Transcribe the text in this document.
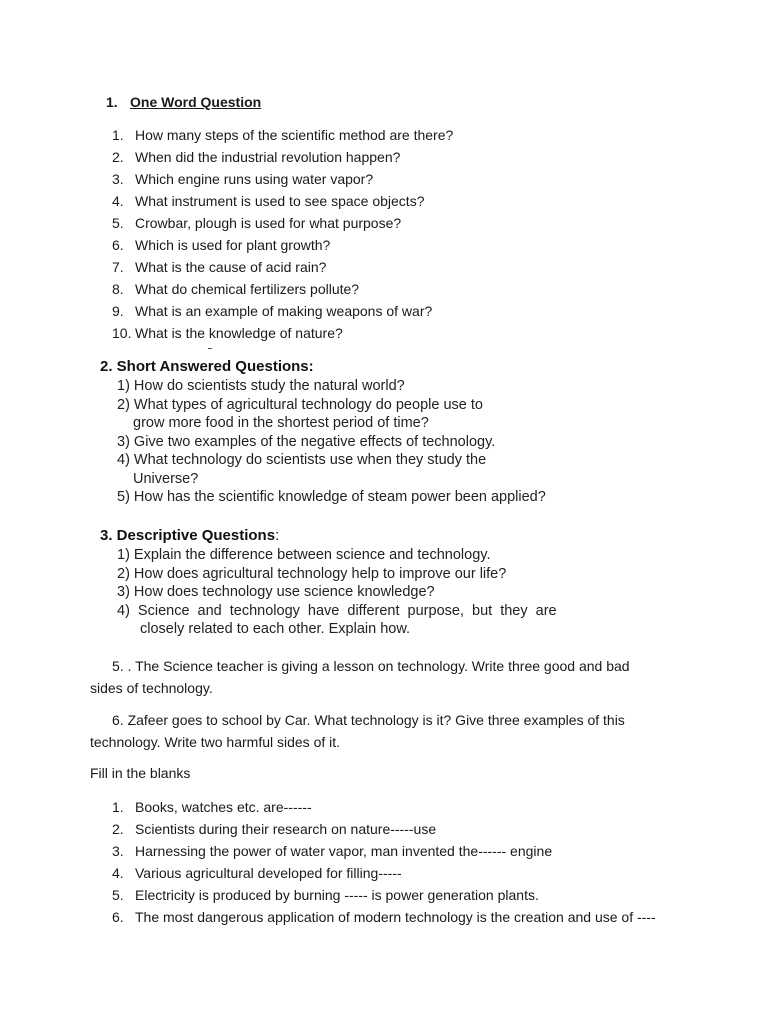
1. One Word Question
1. How many steps of the scientific method are there?
2. When did the industrial revolution happen?
3. Which engine runs using water vapor?
4. What instrument is used to see space objects?
5. Crowbar, plough is used for what purpose?
6. Which is used for plant growth?
7. What is the cause of acid rain?
8. What do chemical fertilizers pollute?
9. What is an example of making weapons of war?
10. What is the knowledge of nature?
2. Short Answered Questions:
1) How do scientists study the natural world?
2) What types of agricultural technology do people use to
grow more food in the shortest period of time?
3) Give two examples of the negative effects of technology.
4) What technology do scientists use when they study the
Universe?
5) How has the scientific knowledge of steam power been applied?
3. Descriptive Questions:
1) Explain the difference between science and technology.
2) How does agricultural technology help to improve our life?
3) How does technology use science knowledge?
4) Science and technology have different purpose, but they are
closely related to each other. Explain how.

5. . The Science teacher is giving a lesson on technology. Write three good and bad sides of technology.

6. Zafeer goes to school by Car. What technology is it? Give three examples of this technology. Write two harmful sides of it.

Fill in the blanks
1. Books, watches etc. are------
2. Scientists during their research on nature-----use
3. Harnessing the power of water vapor, man invented the------ engine
4. Various agricultural developed for filling-----
5. Electricity is produced by burning ----- is power generation plants.
6. The most dangerous application of modern technology is the creation and use of ----
